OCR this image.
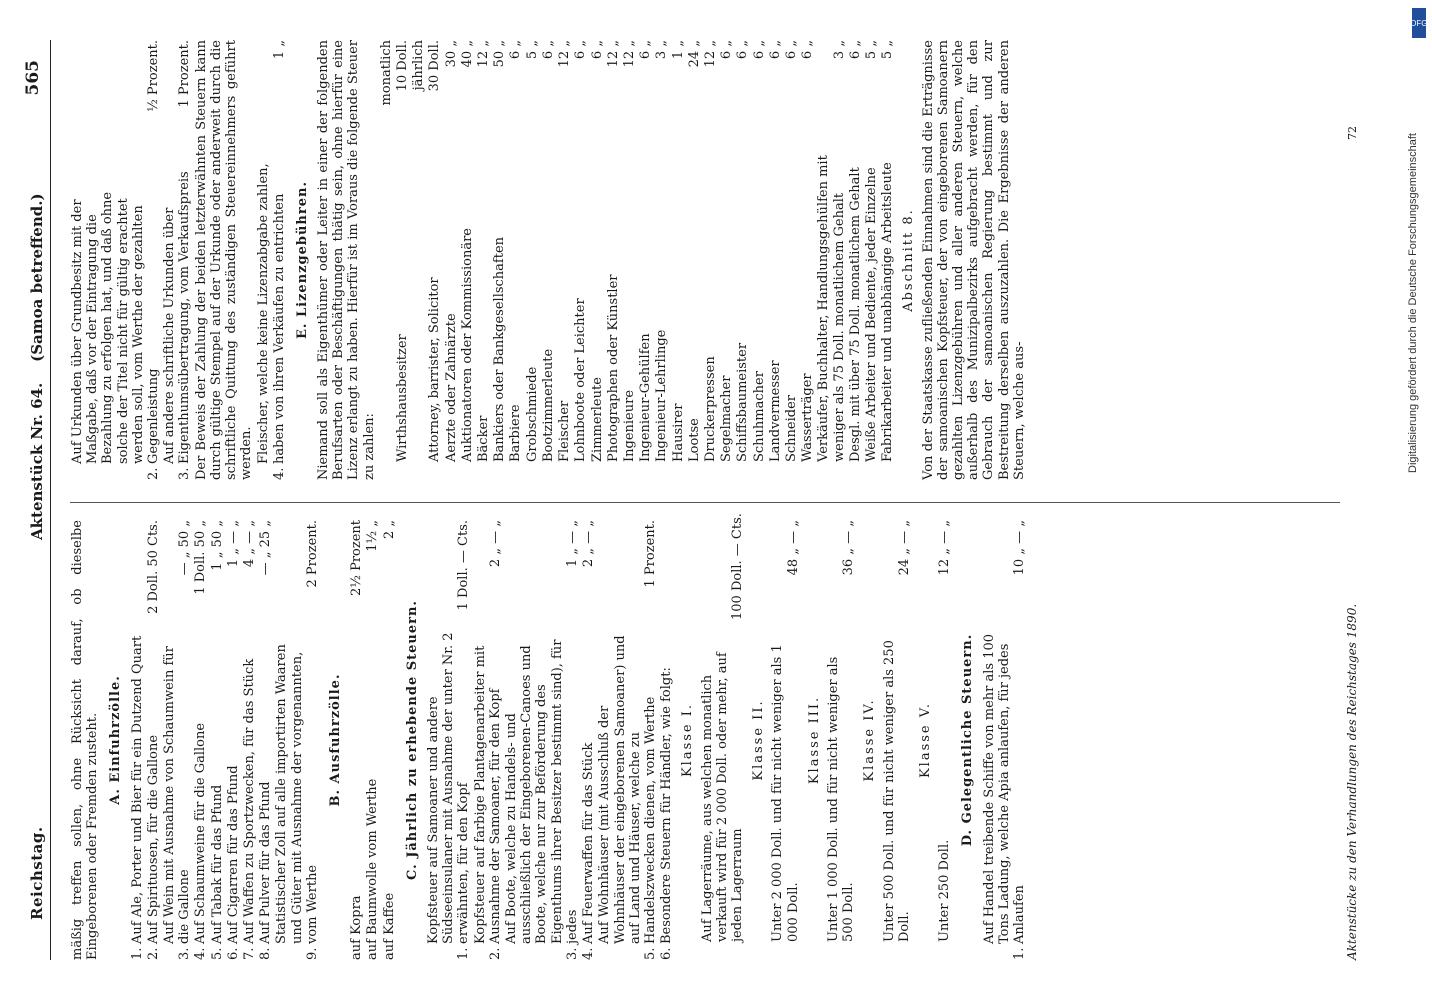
Reichstag.
Aktenstück Nr. 64.    (Samoa betreffend.)
565
mäßig treffen sollen, ohne Rücksicht darauf, ob dieselbe Eingeborenen oder Fremden zusteht. A. Einfuhrzölle.
1.
Auf Ale, Porter und Bier für ein Dutzend Quart
2.
Auf Spirituosen, für die Gallone
2 Doll. 50 Cts.
3.
Auf Wein mit Ausnahme von Schaumwein für die Gallone
— „ 50 „
4.
Auf Schaumweine für die Gallone
1 Doll. 50 „
5.
Auf Tabak für das Pfund
1 „ 50 „
6.
Auf Cigarren für das Pfund
1 „ — „
7.
Auf Waffen zu Sportzwecken, für das Stück
4 „ — „
8.
Auf Pulver für das Pfund
— „ 25 „
9.
Statistischer Zoll auf alle importirten Waaren und Güter mit Ausnahme der vorgenannten, vom Werthe
2 Prozent.
B. Ausfuhrzölle.
auf Kopra
2½ Prozent
auf Baumwolle vom Werthe
1½ „
auf Kaffee
2 „
C. Jährlich zu erhebende Steuern.
1.
Kopfsteuer auf Samoaner und andere Südseeinsulaner mit Ausnahme der unter Nr. 2 erwähnten, für den Kopf
1 Doll. — Cts.
2.
Kopfsteuer auf farbige Plantagenarbeiter mit Ausnahme der Samoaner, für den Kopf
2 „ — „
3.
Auf Boote, welche zu Handels- und ausschließlich der Eingeborenen-Canoes und Boote, welche nur zur Beförderung des Eigenthums ihrer Besitzer bestimmt sind), für jedes
1 „ — „
4.
Auf Feuerwaffen für das Stück
2 „ — „
5.
Auf Wohnhäuser (mit Ausschluß der Wohnhäuser der eingeborenen Samoaner) und auf Land und Häuser, welche zu Handelszwecken dienen, vom Werthe
1 Prozent.
6.
Besondere Steuern für Händler, wie folgt: Klasse I. Auf Lagerräume, aus welchen monatlich verkauft wird für 2 000 Doll. oder mehr, auf jeden Lagerraum
100 Doll. — Cts.
Klasse II. Unter 2 000 Doll. und für nicht weniger als 1 000 Doll.
48 „ — „
Klasse III. Unter 1 000 Doll. und für nicht weniger als 500 Doll.
36 „ — „
Klasse IV. Unter 500 Doll. und für nicht weniger als 250 Doll.
24 „ — „
Klasse V.
Unter 250 Doll.
12 „ — „
D. Gelegentliche Steuern.
1.
Auf Handel treibende Schiffe von mehr als 100 Tons Ladung, welche Apia anlaufen, für jedes Anlaufen
10 „ — „
2.
Auf Urkunden über Grundbesitz mit der Maßgabe, daß vor der Eintragung die Bezahlung zu erfolgen hat, und daß ohne solche der Titel nicht für gültig erachtet werden soll, vom Werthe der gezahlten Gegenleistung
½ Prozent.
3.
Auf andere schriftliche Urkunden über Eigenthumsübertragung, vom Verkaufspreis
1 Prozent. Der Beweis der Zahlung der beiden letzterwähnten Steuern kann durch gültige Stempel auf der Urkunde oder anderweit durch die schriftliche Quittung des zuständigen Steuereinnehmers geführt werden. 4.
Fleischer, welche keine Lizenzabgabe zahlen, haben von ihren Verkäufen zu entrichten
1 „
E. Lizenzgebühren. Niemand soll als Eigenthümer oder Leiter in einer der folgenden Berufsarten oder Beschäftigungen thätig sein, ohne hierfür eine Lizenz erlangt zu haben. Hierfür ist im Voraus die folgende Steuer zu zahlen:
monatlich
Wirthshausbesitzer
10 Doll. jährlich
Attorney, barrister, Solicitor
30 Doll.
Aerzte oder Zahnärzte
30 „
Auktionatoren oder Kommissionäre
40 „
Bäcker
12 „
Bankiers oder Bankgesellschaften
50 „
Barbiere
6 „
Grobschmiede
5 „
Bootzimmerleute
6 „
Fleischer
12 „
Lohnboote oder Leichter
6 „
Zimmerleute
6 „
Photographen oder Künstler
12 „
Ingenieure
12 „
Ingenieur-Gehülfen
6 „
Ingenieur-Lehrlinge
3 „
Hausirer
1 „
Lootse
24 „
Druckerpressen
12 „
Segelmacher
6 „
Schiffsbaumeister
6 „
Schuhmacher
6 „
Landvermesser
6 „
Schneider
6 „
Wasserträger
6 „
Verkäufer, Buchhalter, Handlungsgehülfen mit weniger als 75 Doll. monatlichem Gehalt
3 „
Desgl. mit über 75 Doll. monatlichem Gehalt
6 „
Weiße Arbeiter und Bediente, jeder Einzelne
5 „
Fabrikarbeiter und unabhängige Arbeitsleute
5 „
Abschnitt 8. Von der Staatskasse zufließenden Einnahmen sind die Erträgnisse der samoanischen Kopfsteuer, der von eingeborenen Samoanern gezahlten Lizenzgebühren und aller anderen Steuern, welche außerhalb des Munizipalbezirks aufgebracht werden, für den Gebrauch der samoanischen Regierung bestimmt und zur Bestreitung derselben auszuzahlen. Die Ergebnisse der anderen Steuern, welche aus-
Aktenstücke zu den Verhandlungen des Reichstages 1890.
72
DFG
Digitalisierung gefördert durch die Deutsche Forschungsgemeinschaft
